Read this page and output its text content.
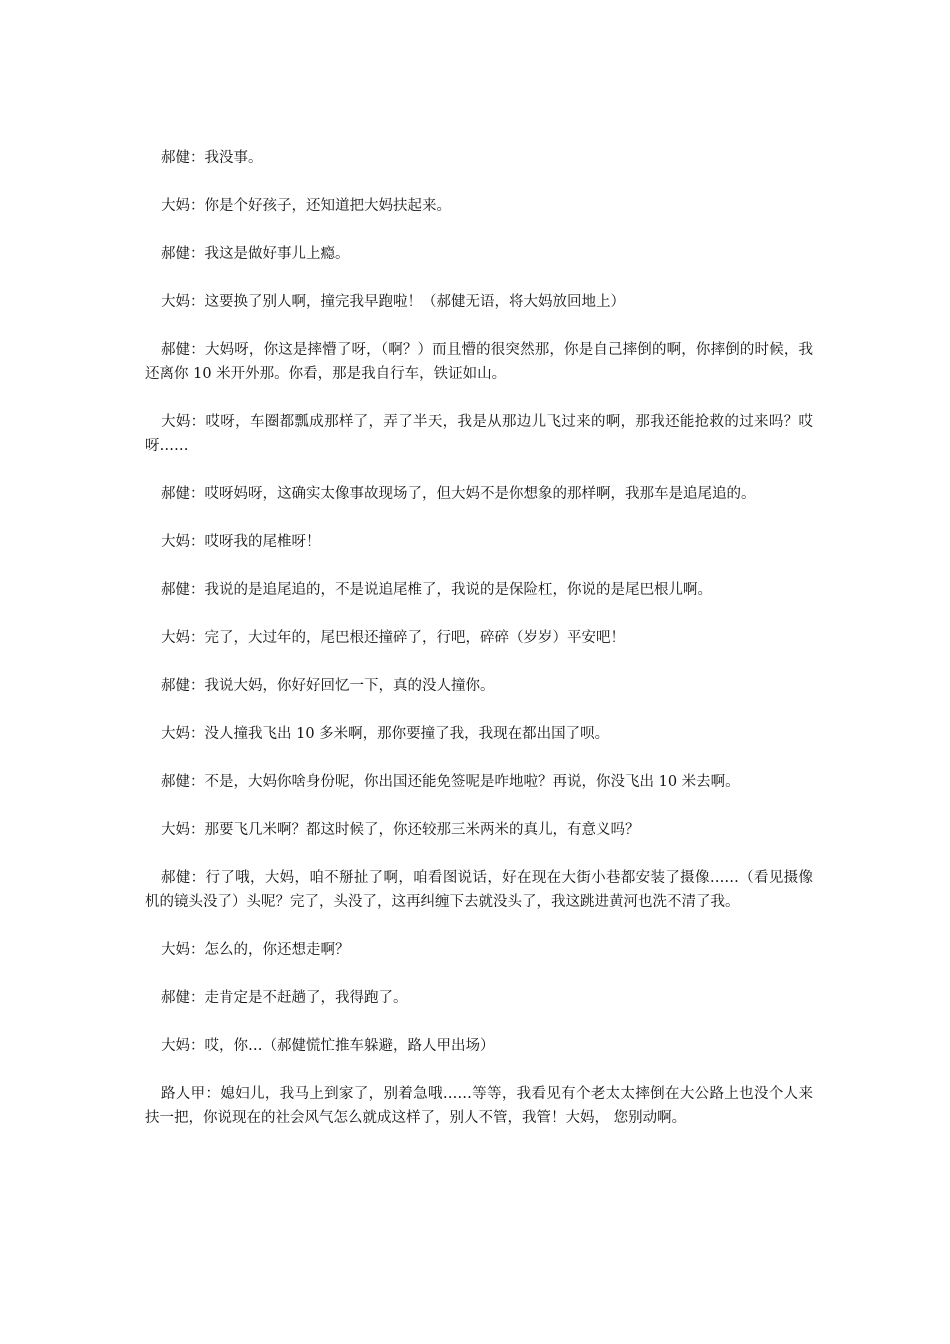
郝健：我没事。

大妈：你是个好孩子，还知道把大妈扶起来。

郝健：我这是做好事儿上瘾。

大妈：这要换了别人啊，撞完我早跑啦！（郝健无语，将大妈放回地上）

郝健：大妈呀，你这是摔懵了呀，（啊？）而且懵的很突然那，你是自己摔倒的啊，你摔倒的时候，我还离你 10 米开外那。你看，那是我自行车，铁证如山。

大妈：哎呀，车圈都瓢成那样了，弄了半天，我是从那边儿飞过来的啊，那我还能抢救的过来吗？哎呀……

郝健：哎呀妈呀，这确实太像事故现场了，但大妈不是你想象的那样啊，我那车是追尾追的。

大妈：哎呀我的尾椎呀！

郝健：我说的是追尾追的，不是说追尾椎了，我说的是保险杠，你说的是尾巴根儿啊。

大妈：完了，大过年的，尾巴根还撞碎了，行吧，碎碎（岁岁）平安吧！

郝健：我说大妈，你好好回忆一下，真的没人撞你。

大妈：没人撞我飞出 10 多米啊，那你要撞了我，我现在都出国了呗。

郝健：不是，大妈你啥身份呢，你出国还能免签呢是咋地啦？再说，你没飞出 10 米去啊。

大妈：那要飞几米啊？都这时候了，你还较那三米两米的真儿，有意义吗？

郝健：行了哦，大妈，咱不掰扯了啊，咱看图说话，好在现在大街小巷都安装了摄像……（看见摄像机的镜头没了）头呢？完了，头没了，这再纠缠下去就没头了，我这跳进黄河也洗不清了我。

大妈：怎么的，你还想走啊？

郝健：走肯定是不赶趟了，我得跑了。

大妈：哎，你…（郝健慌忙推车躲避，路人甲出场）

路人甲：媳妇儿，我马上到家了，别着急哦……等等，我看见有个老太太摔倒在大公路上也没个人来扶一把，你说现在的社会风气怎么就成这样了，别人不管，我管！大妈， 您别动啊。
